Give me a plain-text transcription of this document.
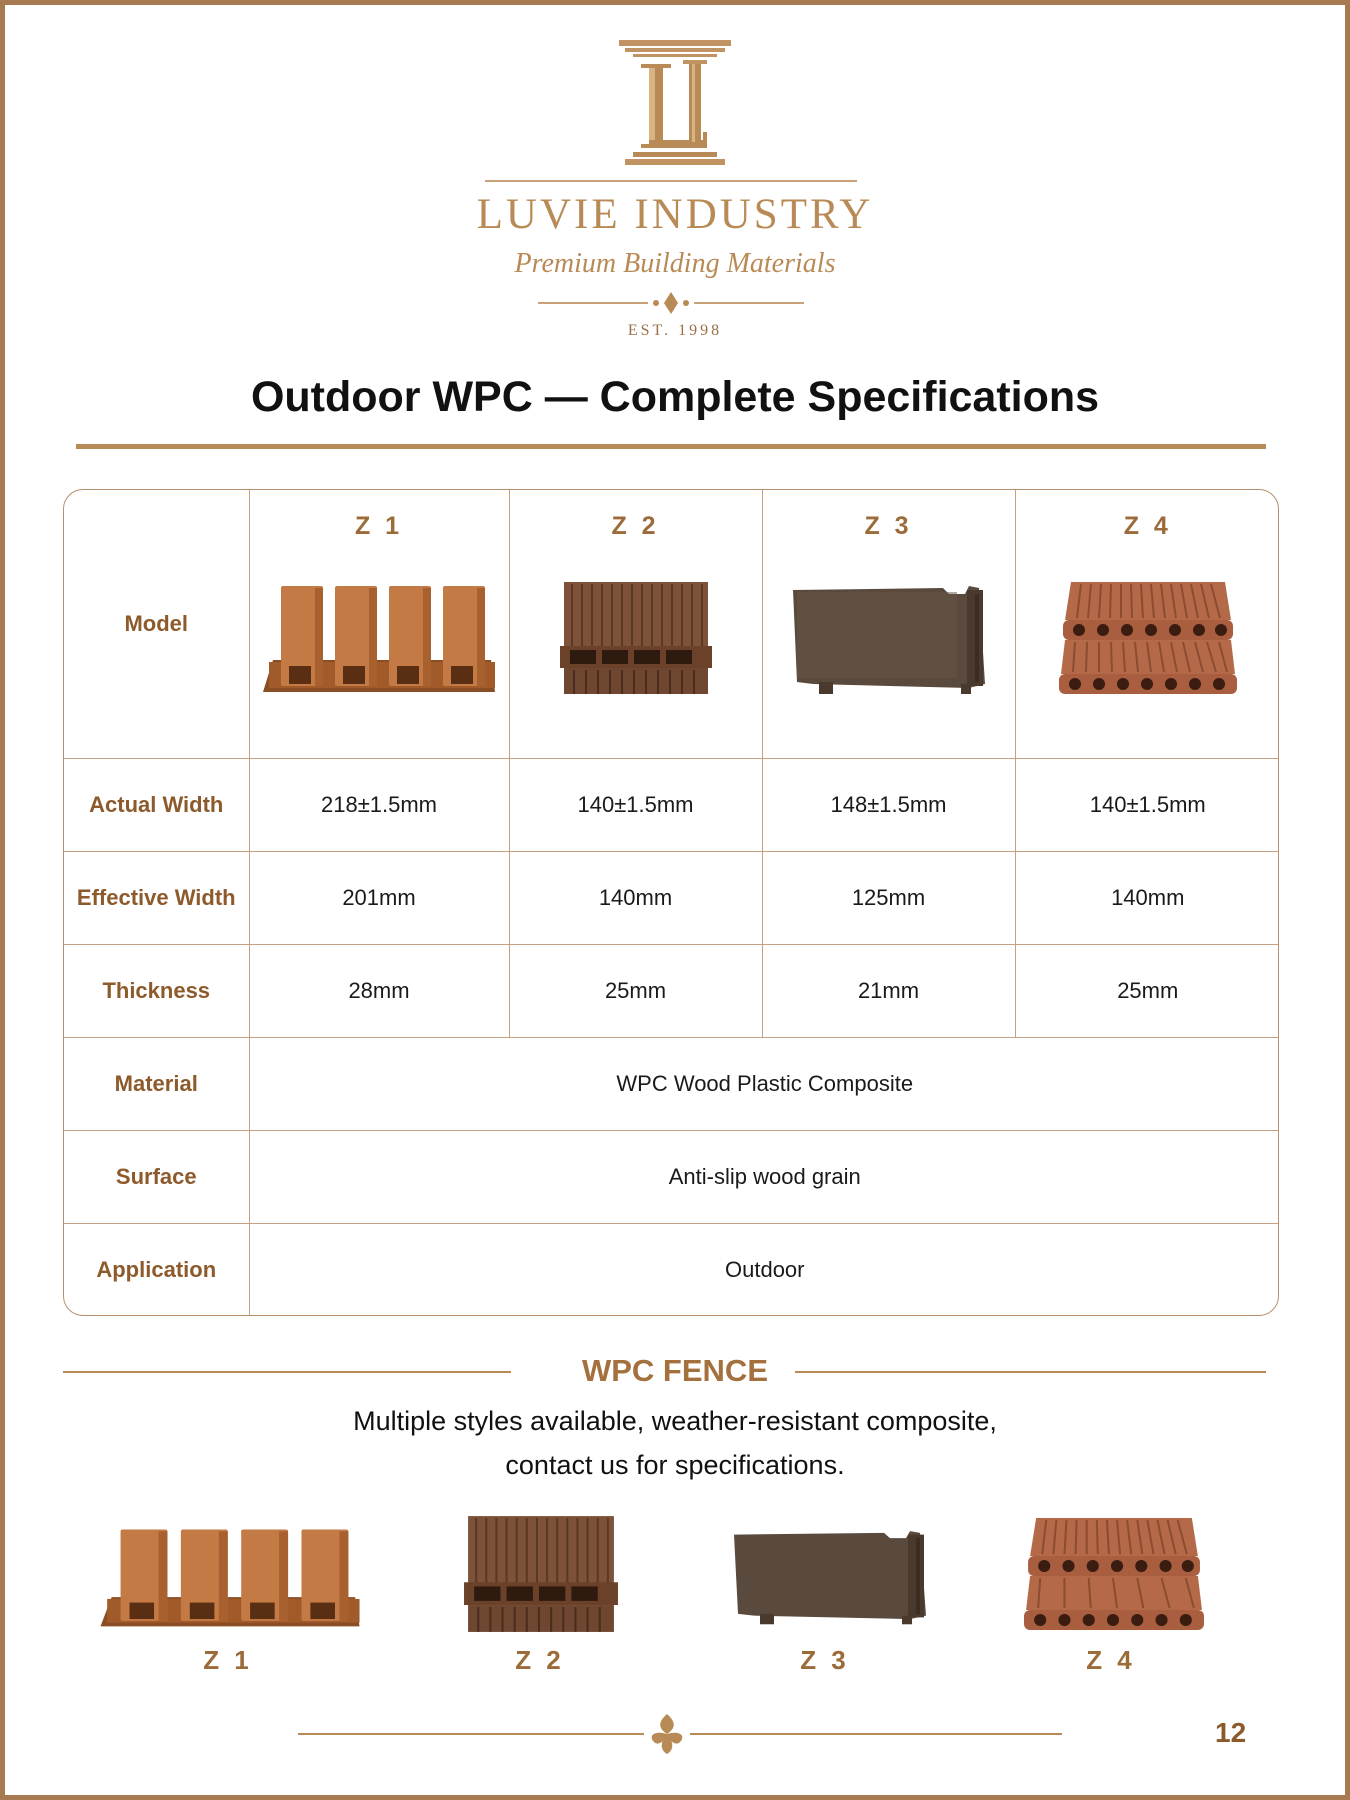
LUVIE INDUSTRY
Premium Building Materials
EST. 1998
Outdoor WPC — Complete Specifications
Model	Z 1	Z 2	Z 3	Z 4

Actual Width	218±1.5mm	140±1.5mm	148±1.5mm	140±1.5mm
Effective Width	201mm	140mm	125mm	140mm
Thickness	28mm	25mm	21mm	25mm
Material	WPC Wood Plastic Composite			
Surface	Anti-slip wood grain			
Application	Outdoor			
WPC FENCE
Multiple styles available, weather-resistant composite,
contact us for specifications.
Z 1	Z 2	Z 3	Z 4
12
